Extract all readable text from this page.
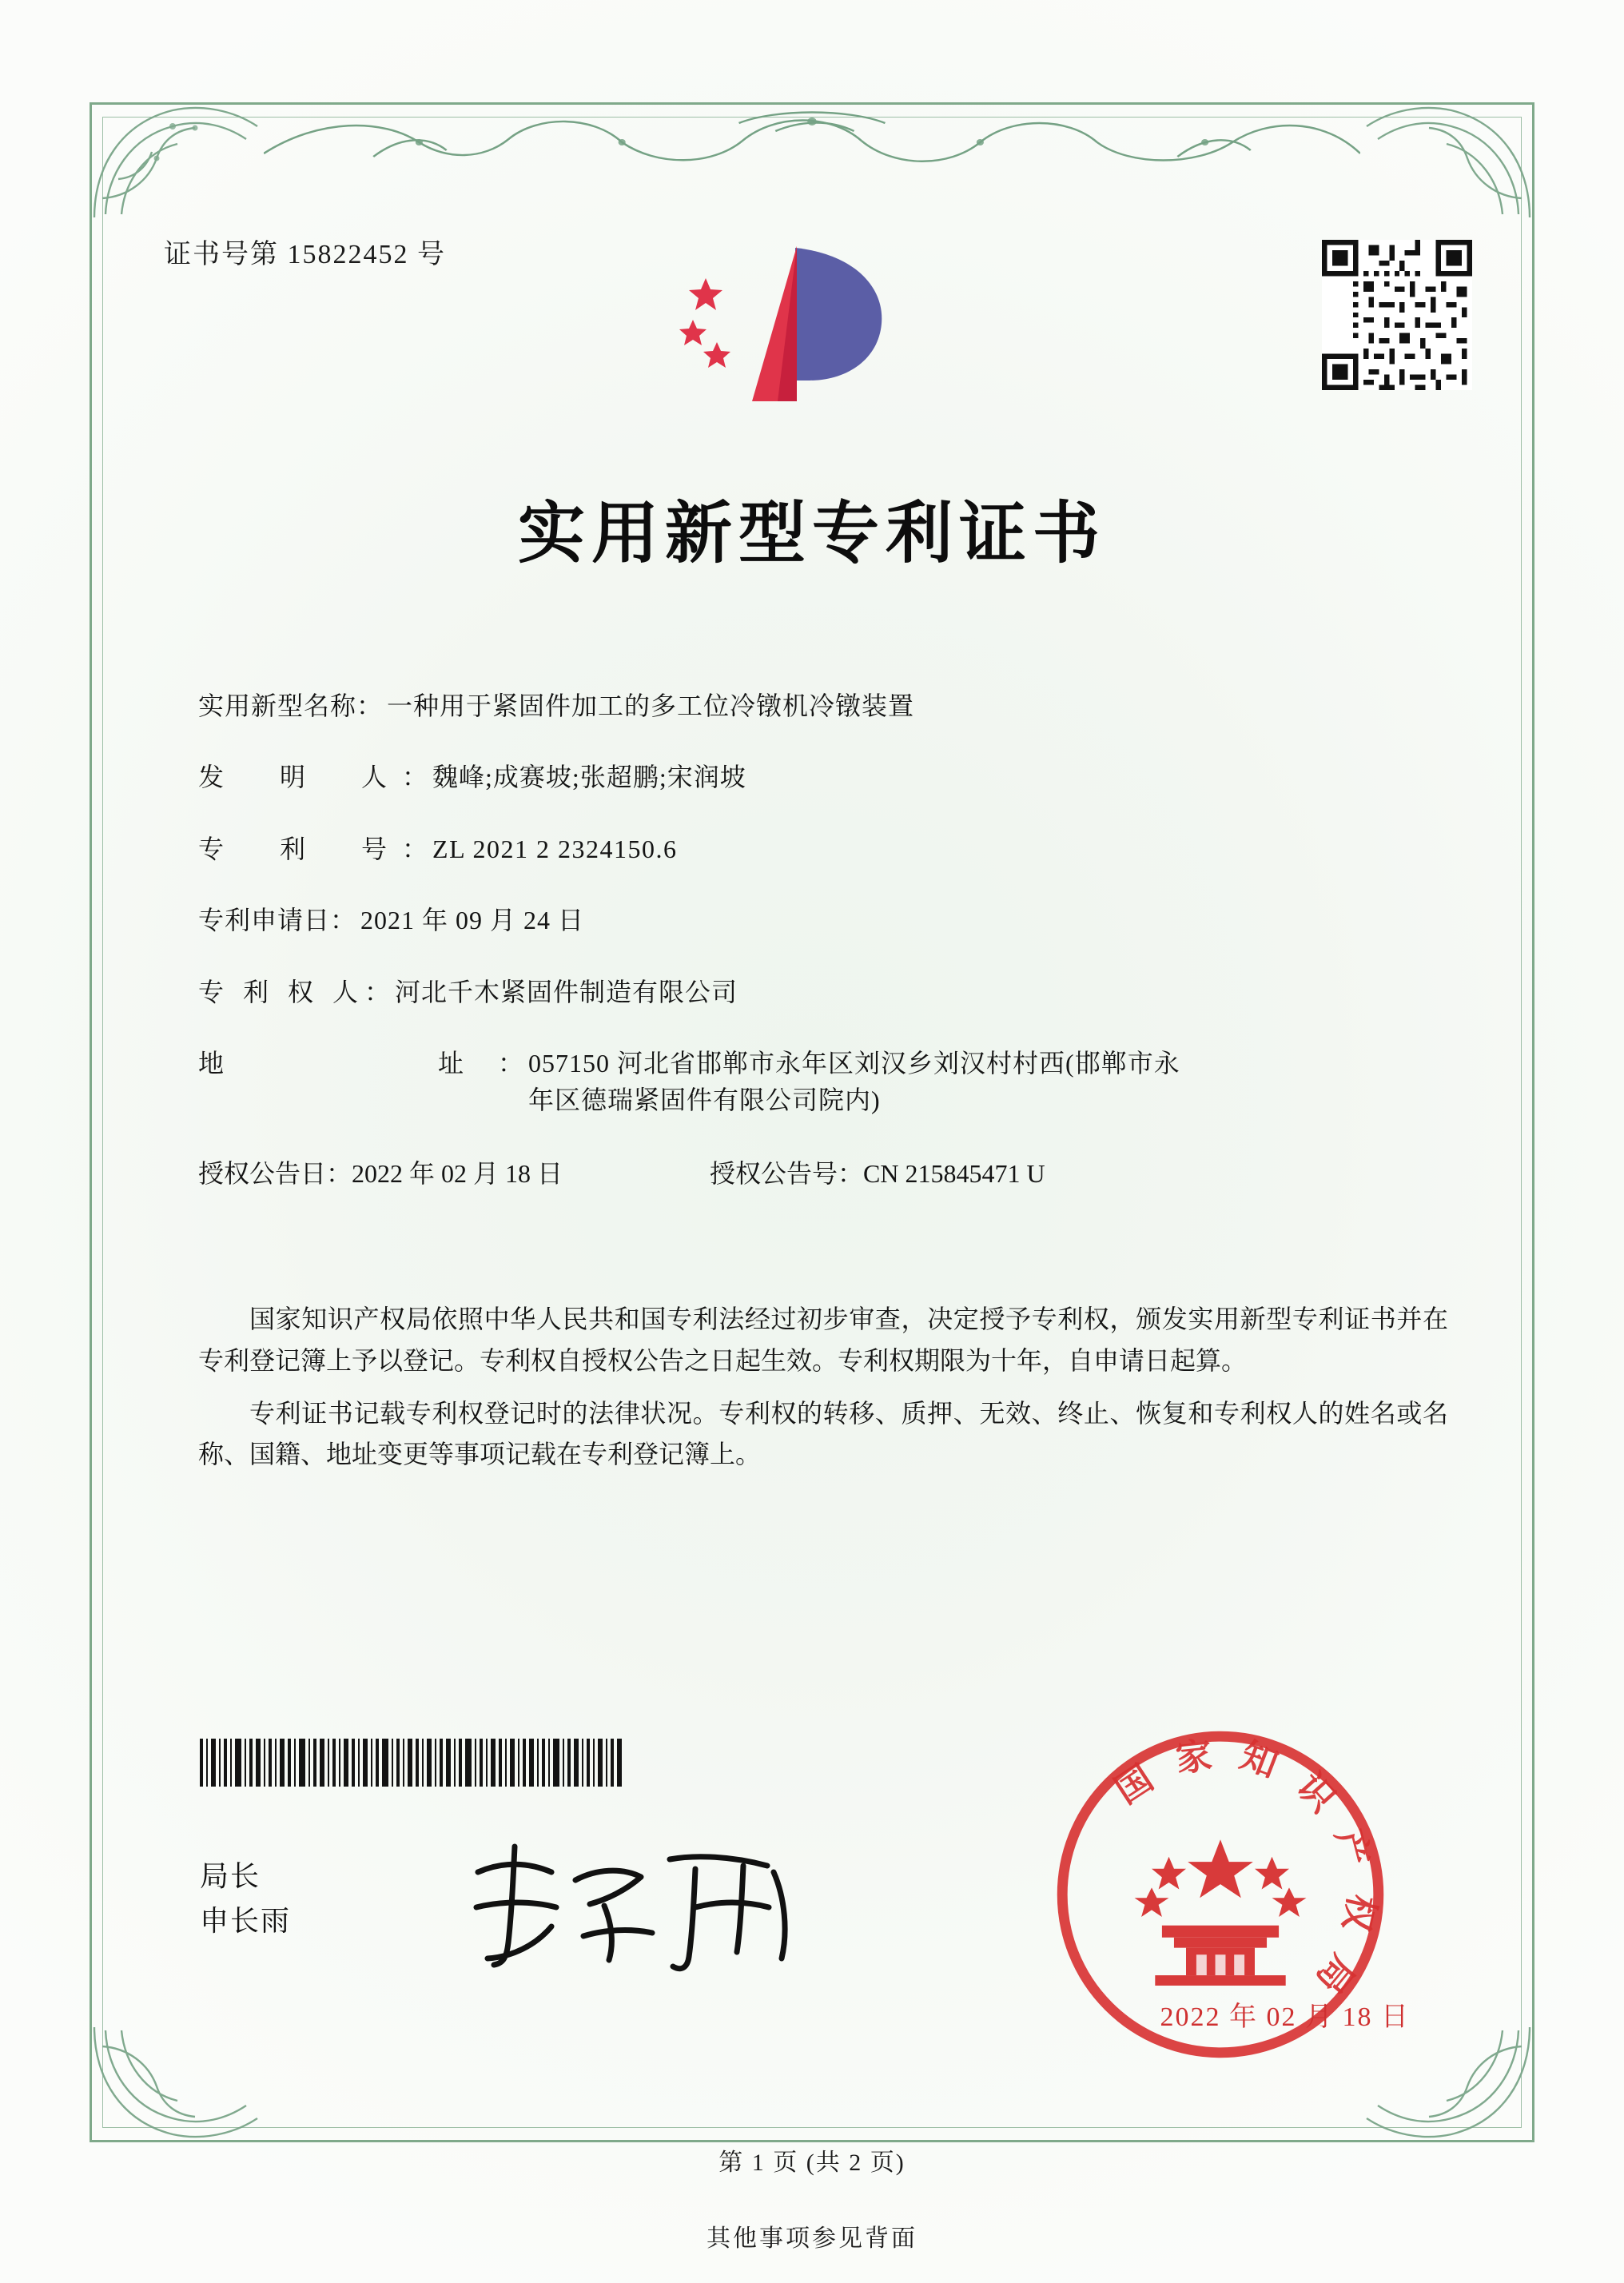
证书号第 15822452 号
实用新型专利证书
实用新型名称 ： 一种用于紧固件加工的多工位冷镦机冷镦装置
发　明　人 ： 魏峰;成赛坡;张超鹏;宋润坡
专　利　号 ： ZL 2021 2 2324150.6
专利申请日 ： 2021 年 09 月 24 日
专 利 权 人 ： 河北千木紧固件制造有限公司
地　　　址 ： 057150 河北省邯郸市永年区刘汉乡刘汉村村西(邯郸市永
年区德瑞紧固件有限公司院内)
授权公告日：2022 年 02 月 18 日	授权公告号：CN 215845471 U

国家知识产权局依照中华人民共和国专利法经过初步审查，决定授予专利权，颁发实用新型专利证书并在专利登记簿上予以登记。专利权自授权公告之日起生效。专利权期限为十年，自申请日起算。

专利证书记载专利权登记时的法律状况。专利权的转移、质押、无效、终止、恢复和专利权人的姓名或名称、国籍、地址变更等事项记载在专利登记簿上。

局长
申长雨
国家知识产权局
2022 年 02 月 18 日
第 1 页 (共 2 页)
其他事项参见背面
